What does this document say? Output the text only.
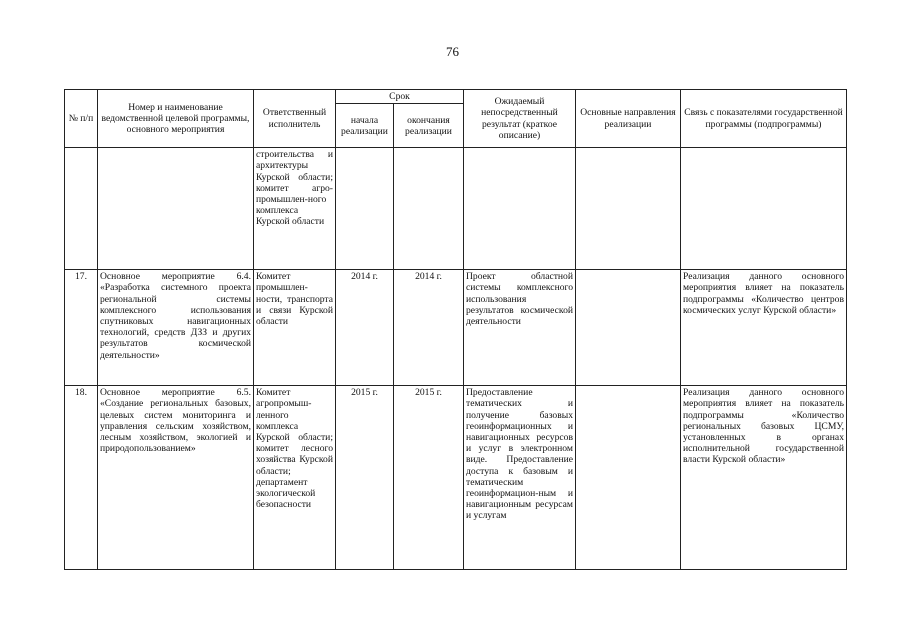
76
№ п/п	Номер и наименование ведомственной целевой программы, основного мероприятия	Ответственный исполнитель	Срок		Ожидаемый непосредственный результат (краткое описание)	Основные направления реализации	Связь с показателями государственной программы (подпрограммы)
			начала реализации	окончания реализации			
		строительства и архитектуры Курской области; комитет агро-промышлен-ного комплекса Курской области					
17.	Основное мероприятие 6.4. «Разработка системного проекта региональной системы комплексного использования спутниковых навигационных технологий, средств ДЗЗ и других результатов космической деятельности»	Комитет промышлен-ности, транспорта и связи Курской области	2014 г.	2014 г.	Проект областной системы комплексного использования результатов космической деятельности		Реализация данного основного мероприятия влияет на показатель подпрограммы «Количество центров космических услуг Курской области»
18.	Основное мероприятие 6.5. «Создание региональных базовых, целевых систем мониторинга и управления сельским хозяйством, лесным хозяйством, экологией и природопользованием»	Комитет агропромыш-ленного комплекса Курской области; комитет лесного хозяйства Курской области; департамент экологической безопасности	2015 г.	2015 г.	Предоставление тематических и получение базовых геоинформационных и навигационных ресурсов и услуг в электронном виде. Предоставление доступа к базовым и тематическим геоинформацион-ным и навигационным ресурсам и услугам		Реализация данного основного мероприятия влияет на показатель подпрограммы «Количество региональных базовых ЦСМУ, установленных в органах исполнительной государственной власти Курской области»
